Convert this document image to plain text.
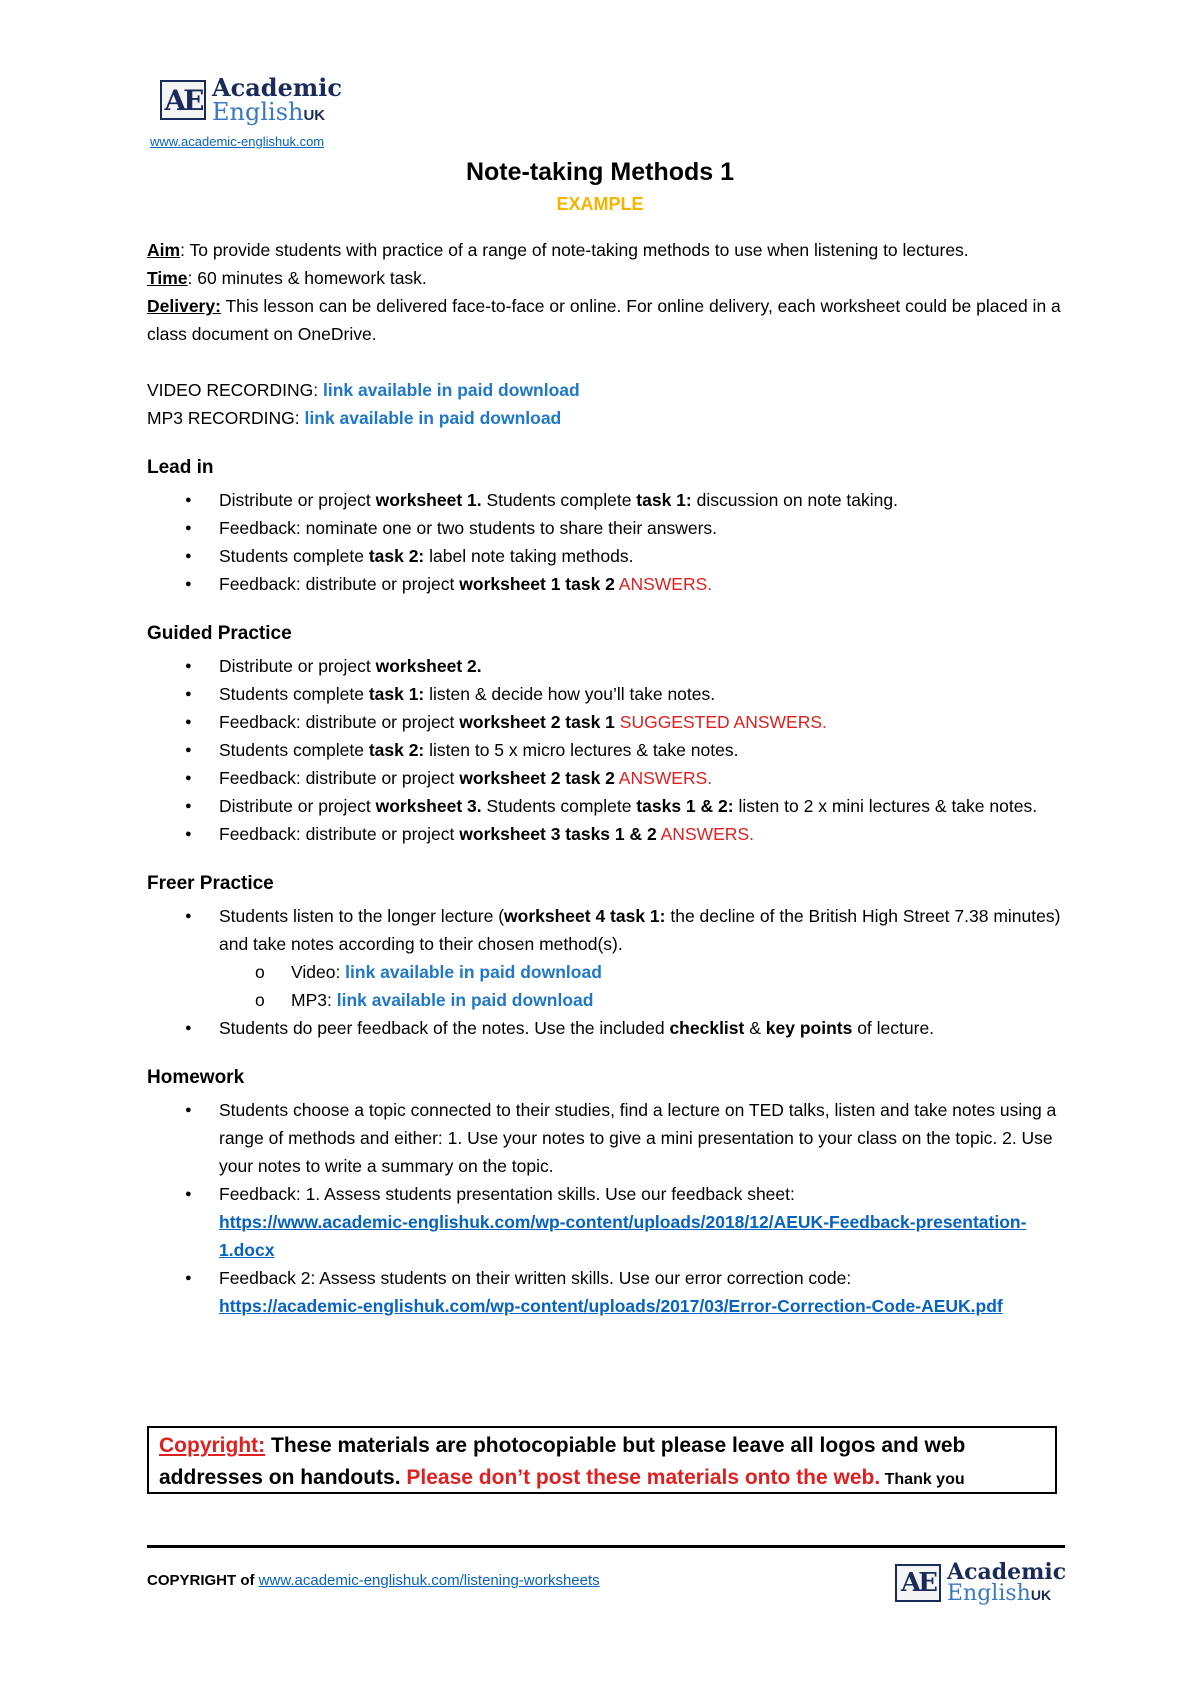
AE Academic
EnglishUK
www.academic-englishuk.com
Note-taking Methods 1
EXAMPLE

Aim: To provide students with practice of a range of note-taking methods to use when listening to lectures.

Time: 60 minutes & homework task.

Delivery: This lesson can be delivered face-to-face or online. For online delivery, each worksheet could be placed in a class document on OneDrive.

VIDEO RECORDING: link available in paid download

MP3 RECORDING: link available in paid download

Lead in
● Distribute or project worksheet 1. Students complete task 1: discussion on note taking.
● Feedback: nominate one or two students to share their answers.
● Students complete task 2: label note taking methods.
● Feedback: distribute or project worksheet 1 task 2 ANSWERS.
Guided Practice
● Distribute or project worksheet 2.
● Students complete task 1: listen & decide how you’ll take notes.
● Feedback: distribute or project worksheet 2 task 1 SUGGESTED ANSWERS.
● Students complete task 2: listen to 5 x micro lectures & take notes.
● Feedback: distribute or project worksheet 2 task 2 ANSWERS.
● Distribute or project worksheet 3. Students complete tasks 1 & 2: listen to 2 x mini lectures & take notes.
● Feedback: distribute or project worksheet 3 tasks 1 & 2 ANSWERS.
Freer Practice
● Students listen to the longer lecture (worksheet 4 task 1: the decline of the British High Street 7.38 minutes) and take notes according to their chosen method(s).
o Video: link available in paid download
o MP3: link available in paid download
● Students do peer feedback of the notes. Use the included checklist & key points of lecture.
Homework
● Students choose a topic connected to their studies, find a lecture on TED talks, listen and take notes using a range of methods and either: 1. Use your notes to give a mini presentation to your class on the topic. 2. Use your notes to write a summary on the topic.
● Feedback: 1. Assess students presentation skills. Use our feedback sheet:
https://www.academic-englishuk.com/wp-content/uploads/2018/12/AEUK-Feedback-presentation-1.docx
● Feedback 2: Assess students on their written skills. Use our error correction code:
https://academic-englishuk.com/wp-content/uploads/2017/03/Error-Correction-Code-AEUK.pdf
Copyright: These materials are photocopiable but please leave all logos and web addresses on handouts. Please don’t post these materials onto the web. Thank you
COPYRIGHT of www.academic-englishuk.com/listening-worksheets	AE Academic
EnglishUK
